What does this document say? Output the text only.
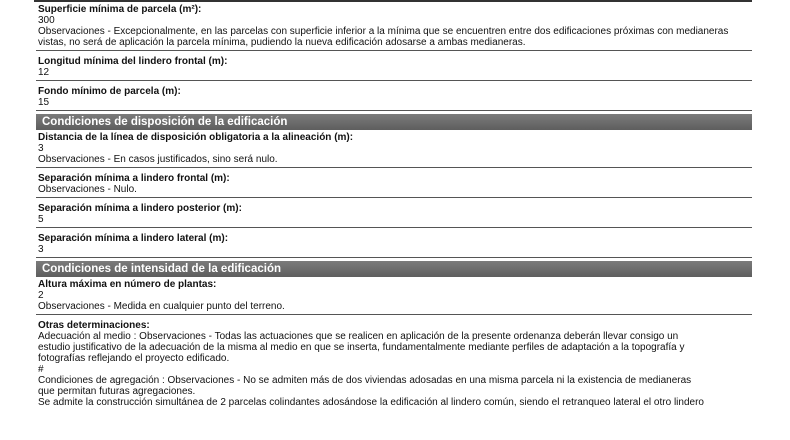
Superficie mínima de parcela (m²):
300
Observaciones - Excepcionalmente, en las parcelas con superficie inferior a la mínima que se encuentren entre dos edificaciones próximas con medianeras vistas, no será de aplicación la parcela mínima, pudiendo la nueva edificación adosarse a ambas medianeras.
Longitud mínima del lindero frontal (m):
12
Fondo mínimo de parcela (m):
15
Condiciones de disposición de la edificación
Distancia de la línea de disposición obligatoria a la alineación (m):
3
Observaciones - En casos justificados, sino será nulo.
Separación mínima a lindero frontal (m):
Observaciones - Nulo.
Separación mínima a lindero posterior (m):
5
Separación mínima a lindero lateral (m):
3
Condiciones de intensidad de la edificación
Altura máxima en número de plantas:
2
Observaciones - Medida en cualquier punto del terreno.
Otras determinaciones:
Adecuación al medio : Observaciones - Todas las actuaciones que se realicen en aplicación de la presente ordenanza deberán llevar consigo un
estudio justificativo de la adecuación de la misma al medio en que se inserta, fundamentalmente mediante perfiles de adaptación a la topografía y
fotografías reflejando el proyecto edificado.
#
Condiciones de agregación : Observaciones - No se admiten más de dos viviendas adosadas en una misma parcela ni la existencia de medianeras
que permitan futuras agregaciones.
Se admite la construcción simultánea de 2 parcelas colindantes adosándose la edificación al lindero común, siendo el retranqueo lateral el otro lindero
